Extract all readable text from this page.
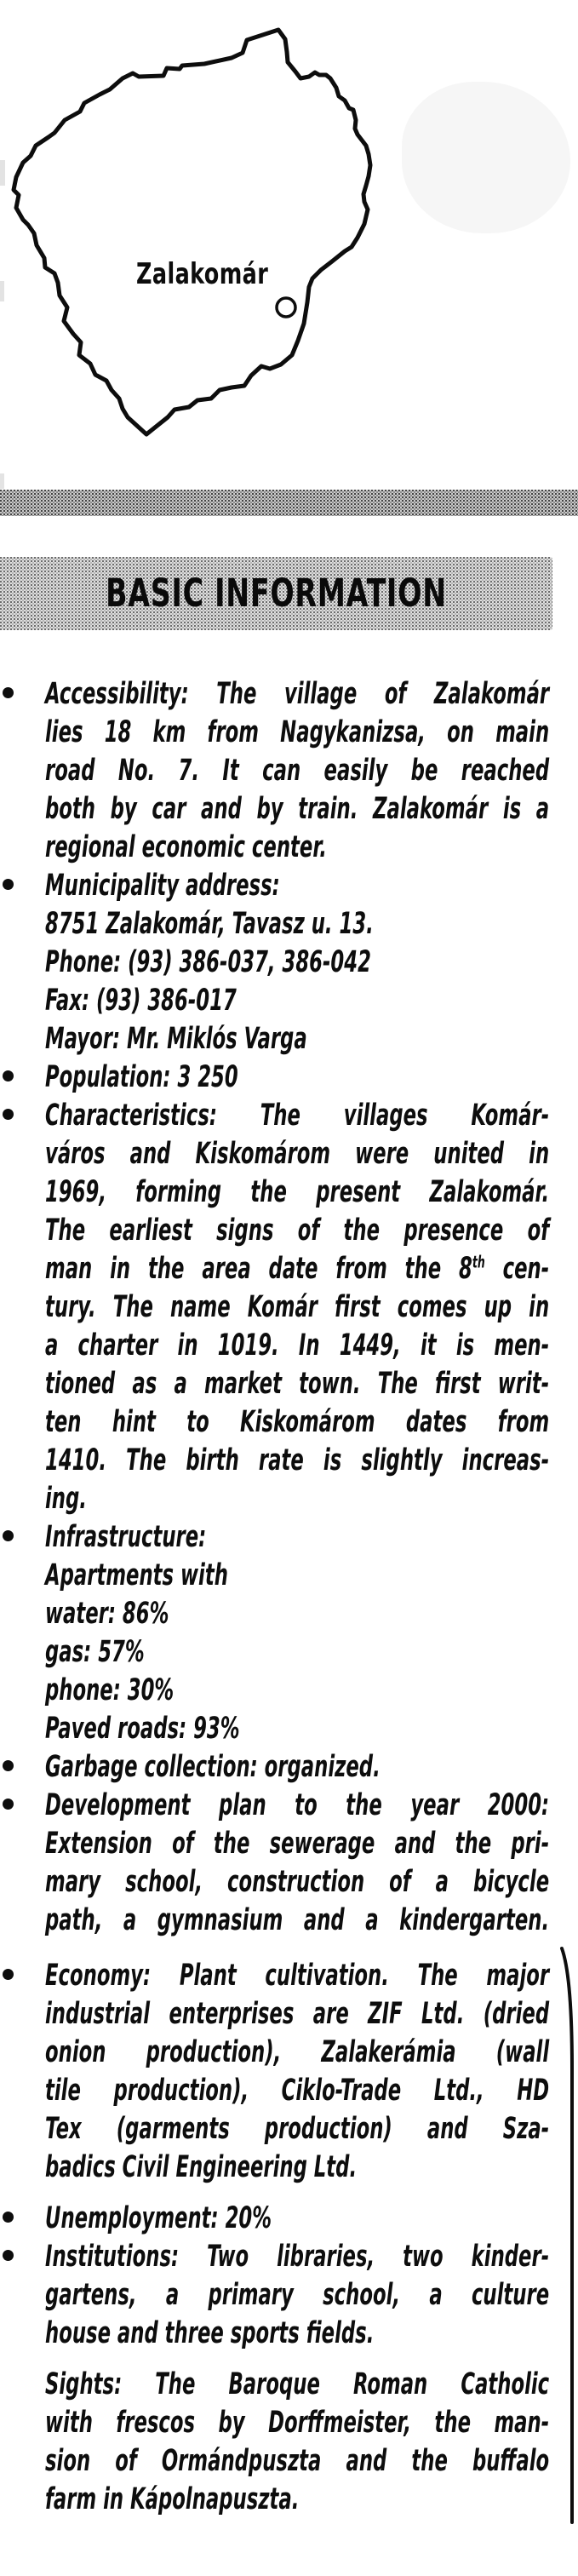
Zalakomár
BASIC INFORMATION
Accessibility: The village of Zalakomár
lies 18 km from Nagykanizsa, on main
road No. 7. It can easily be reached
both by car and by train. Zalakomár is a
regional economic center.
Municipality address:
8751 Zalakomár, Tavasz u. 13.
Phone: (93) 386-037, 386-042
Fax: (93) 386-017
Mayor: Mr. Miklós Varga
Population: 3 250
Characteristics: The villages Komár-
város and Kiskomárom were united in
1969, forming the present Zalakomár.
The earliest signs of the presence of
man in the area date from the 8th cen-
tury. The name Komár first comes up in
a charter in 1019. In 1449, it is men-
tioned as a market town. The first writ-
ten hint to Kiskomárom dates from
1410. The birth rate is slightly increas-
ing.
Infrastructure:
Apartments with
water: 86%
gas: 57%
phone: 30%
Paved roads: 93%
Garbage collection: organized.
Development plan to the year 2000:
Extension of the sewerage and the pri-
mary school, construction of a bicycle
path, a gymnasium and a kindergarten.
Economy: Plant cultivation. The major
industrial enterprises are ZIF Ltd. (dried
onion production), Zalakerámia (wall
tile production), Ciklo-Trade Ltd., HD
Tex (garments production) and Sza-
badics Civil Engineering Ltd.
Unemployment: 20%
Institutions: Two libraries, two kinder-
gartens, a primary school, a culture
house and three sports fields.
Sights: The Baroque Roman Catholic
with frescos by Dorffmeister, the man-
sion of Ormándpuszta and the buffalo
farm in Kápolnapuszta.
